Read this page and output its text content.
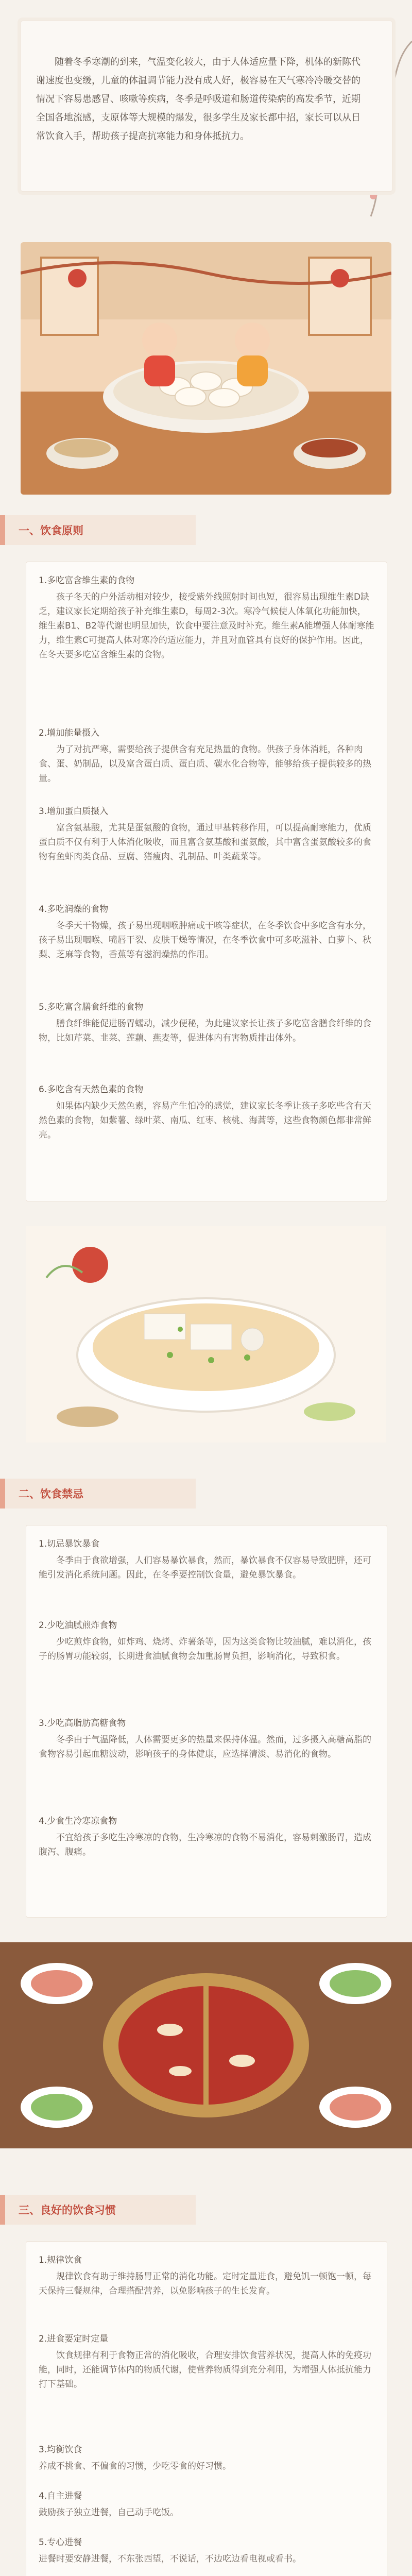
随着冬季寒潮的到来，气温变化较大，由于人体适应量下降，机体的新陈代谢速度也变缓，儿童的体温调节能力没有成人好，极容易在天气寒冷冷暖交替的情况下容易患感冒、咳嗽等疾病，冬季是呼吸道和肠道传染病的高发季节，近期全国各地流感，支原体等大规模的爆发，很多学生及家长都中招，家长可以从日常饮食入手，帮助孩子提高抗寒能力和身体抵抗力。

一、饮食原则

1.多吃富含维生素的食物

孩子冬天的户外活动相对较少，接受紫外线照射时间也短，很容易出现维生素D缺乏，建议家长定期给孩子补充维生素D，每周2-3次。寒冷气候使人体氧化功能加快，维生素B1、B2等代谢也明显加快，饮食中要注意及时补充。维生素A能增强人体耐寒能力，维生素C可提高人体对寒冷的适应能力，并且对血管具有良好的保护作用。因此，在冬天要多吃富含维生素的食物。

2.增加能量摄入

为了对抗严寒，需要给孩子提供含有充足热量的食物。供孩子身体消耗，各种肉食、蛋、奶制品，以及富含蛋白质、蛋白质、碳水化合物等，能够给孩子提供较多的热量。

3.增加蛋白质摄入

富含氨基酸，尤其是蛋氨酸的食物，通过甲基转移作用，可以提高耐寒能力，优质蛋白质不仅有利于人体消化吸收，而且富含氨基酸和蛋氨酸，其中富含蛋氨酸较多的食物有鱼虾肉类食品、豆腐、猪瘦肉、乳制品、叶类蔬菜等。

4.多吃润燥的食物

冬季天干物燥，孩子易出现咽喉肿痛或干咳等症状，在冬季饮食中多吃含有水分，孩子易出现咽喉、嘴唇干裂、皮肤干燥等情况，在冬季饮食中可多吃滋补、白萝卜、秋梨、芝麻等食物，香蕉等有滋润燥热的作用。

5.多吃富含膳食纤维的食物

膳食纤维能促进肠胃蠕动，减少便秘，为此建议家长让孩子多吃富含膳食纤维的食物，比如芹菜、韭菜、莲藕、燕麦等，促进体内有害物质排出体外。

6.多吃含有天然色素的食物

如果体内缺少天然色素，容易产生怕冷的感觉，建议家长冬季让孩子多吃些含有天然色素的食物，如紫薯、绿叶菜、南瓜、红枣、核桃、海蒿等，这些食物颜色都非常鲜亮。

二、饮食禁忌

1.切忌暴饮暴食

冬季由于食欲增强，人们容易暴饮暴食，然而，暴饮暴食不仅容易导致肥胖，还可能引发消化系统问题。因此，在冬季要控制饮食量，避免暴饮暴食。

2.少吃油腻煎炸食物

少吃煎炸食物，如炸鸡、烧烤、炸薯条等，因为这类食物比较油腻，难以消化，孩子的肠胃功能较弱，长期进食油腻食物会加重肠胃负担，影响消化，导致积食。

3.少吃高脂肪高糖食物

冬季由于气温降低，人体需要更多的热量来保持体温。然而，过多摄入高糖高脂的食物容易引起血糖波动，影响孩子的身体健康，应选择清淡、易消化的食物。

4.少食生冷寒凉食物

不宜给孩子多吃生冷寒凉的食物，生冷寒凉的食物不易消化，容易刺激肠胃，造成腹泻、腹痛。

三、良好的饮食习惯

1.规律饮食

规律饮食有助于维持肠胃正常的消化功能。定时定量进食，避免饥一顿饱一顿，每天保持三餐规律，合理搭配营养，以免影响孩子的生长发育。

2.进食要定时定量

饮食规律有利于食物正常的消化吸收，合理安排饮食营养状况，提高人体的免疫功能，同时，还能调节体内的物质代谢，使营养物质得到充分利用，为增强人体抵抗能力打下基础。

3.均衡饮食

养成不挑食、不偏食的习惯，少吃零食的好习惯。

4.自主进餐

鼓励孩子独立进餐，自己动手吃饭。

5.专心进餐

进餐时要安静进餐，不东张西望，不说话，不边吃边看电视或看书。
